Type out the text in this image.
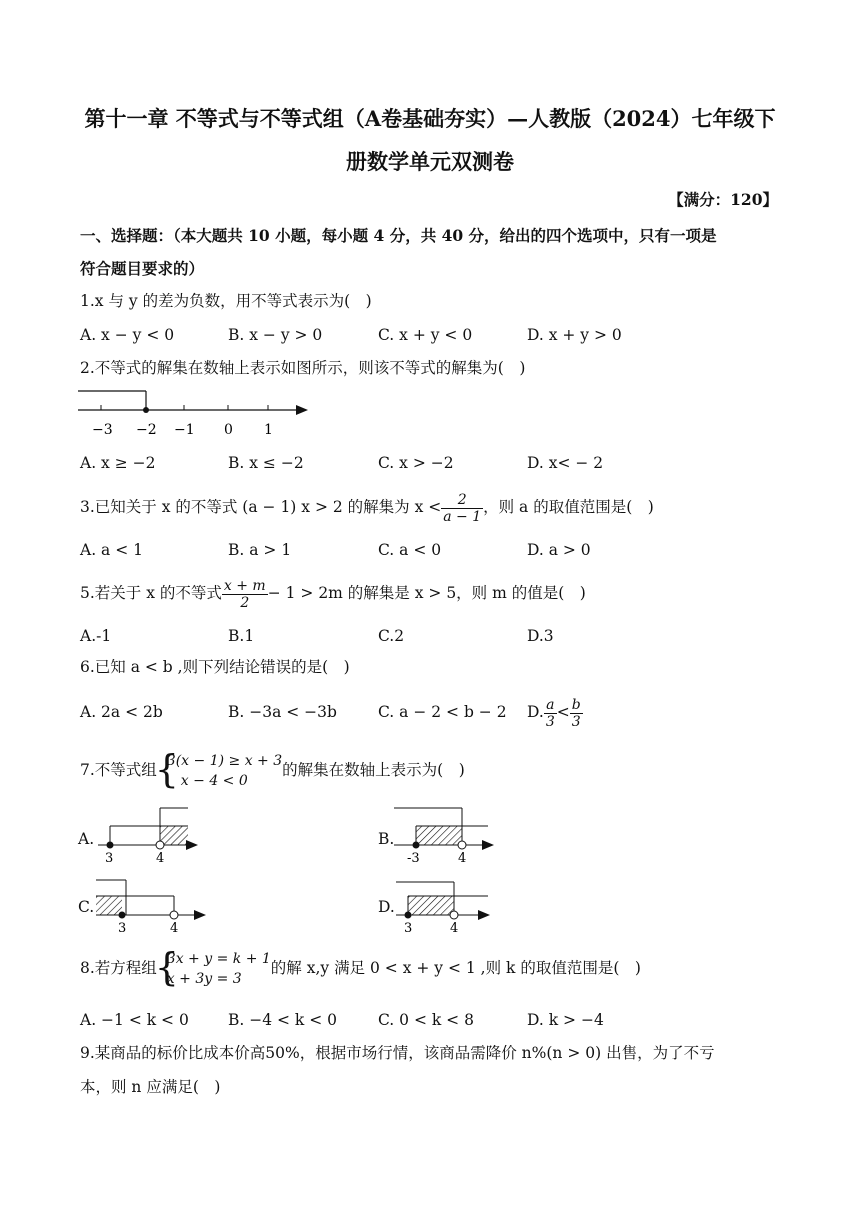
第十一章 不等式与不等式组（A卷基础夯实）—人教版（2024）七年级下
册数学单元双测卷
【满分：120】
一、选择题：（本大题共 10 小题，每小题 4 分，共 40 分，给出的四个选项中，只有一项是
符合题目要求的）
1.x 与 y 的差为负数，用不等式表示为(　)
A. x − y < 0	B. x − y > 0	C. x + y < 0	D. x + y > 0
2.不等式的解集在数轴上表示如图所示，则该不等式的解集为(　)
−3 −2 −1 0 1
A. x ≥ −2	B. x ≤ −2	C. x > −2	D. x< − 2
3.已知关于 x 的不等式 (a − 1) x > 2 的解集为 $x < \frac{2}{a - 1}$ ，则 a 的取值范围是(　)
A. a < 1	B. a > 1	C. a < 0	D. a > 0
5.若关于 x 的不等式 $\frac{x + m}{2} - 1 > 2m$ 的解集是 x > 5，则 m 的值是(　)
A.-1	B.1	C.2	D.3
6.已知 a < b ,则下列结论错误的是(　)
A. 2a < 2b	B. −3a < −3b	C. a − 2 < b − 2 D. $\frac{a}{3} < \frac{b}{3}$
7.不等式组 { 3(x − 1) ≥ x + 3
x − 4 < 0
的解集在数轴上表示为(　)
A.
3	4
B.
-3	4
C.
3	4
D.
3	4
8.若方程组 { 3x + y = k + 1
x + 3y = 3
的解 x,y 满足 0 < x + y < 1 ,则 k 的取值范围是(　)
A. −1 < k < 0	B. −4 < k < 0	C. 0 < k < 8	D. k > −4
9.某商品的标价比成本价高50%，根据市场行情，该商品需降价 n%(n > 0) 出售，为了不亏
本，则 n 应满足(　)
